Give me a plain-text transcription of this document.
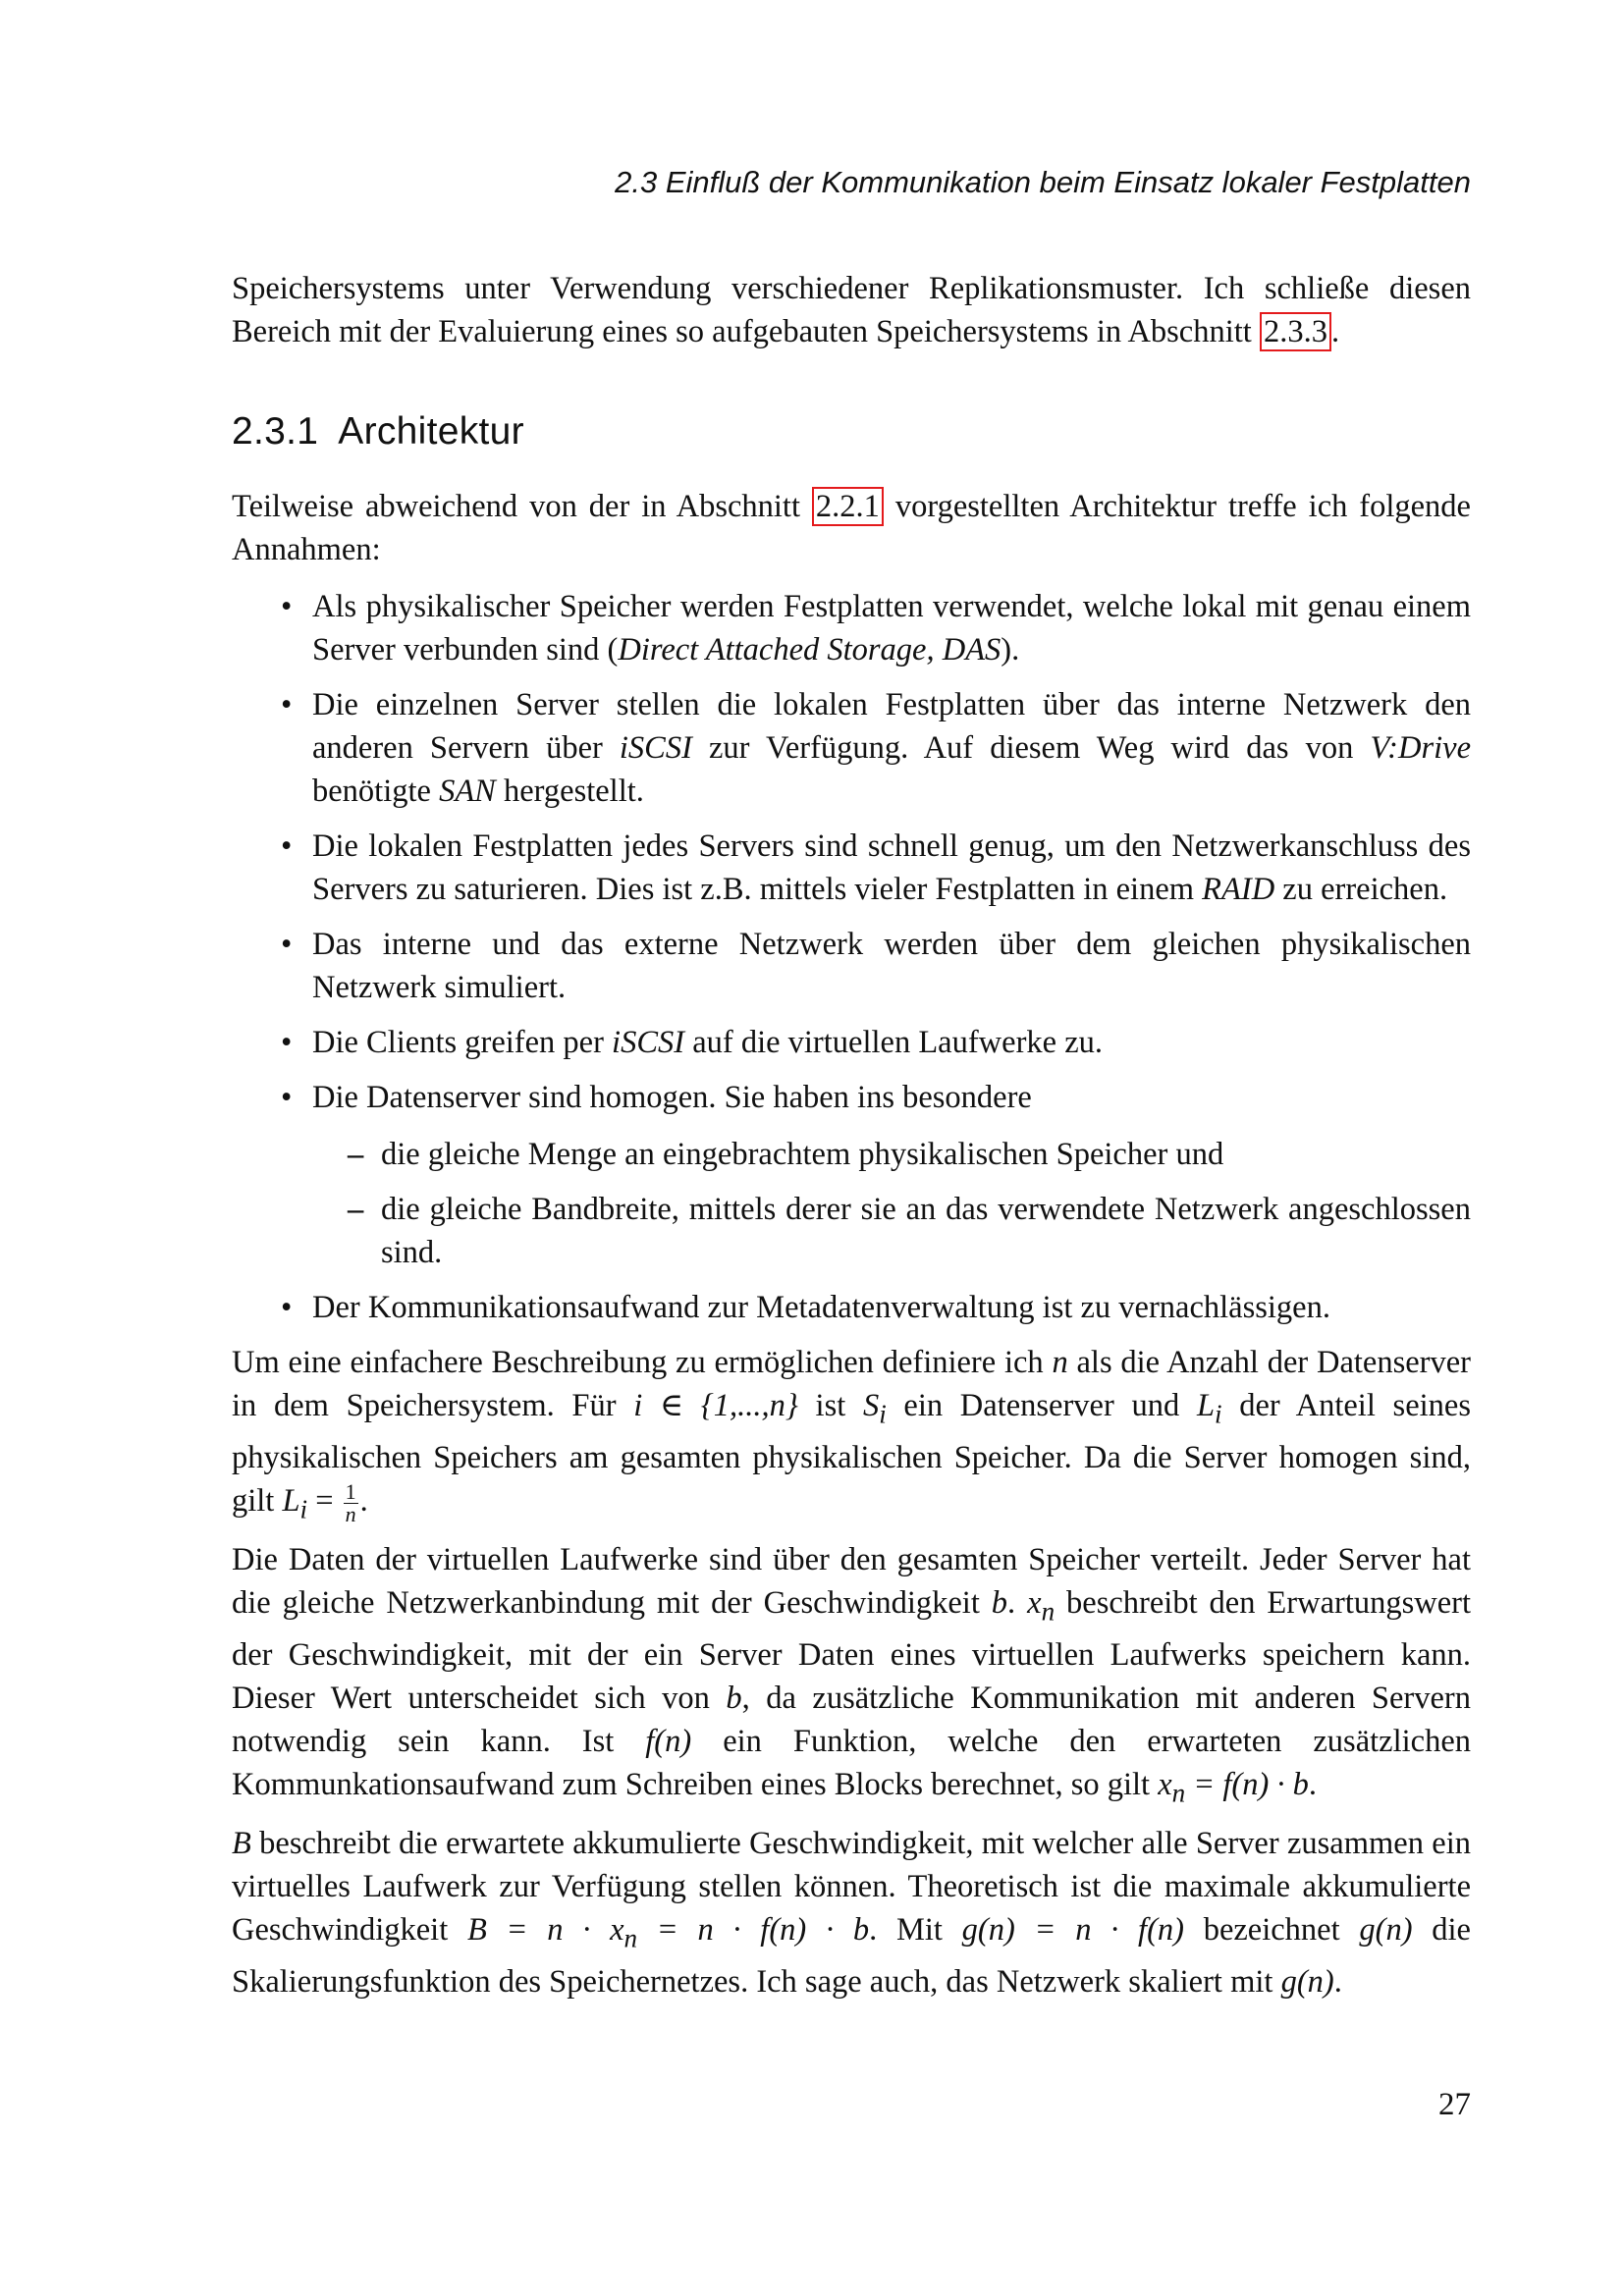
2.3 Einfluß der Kommunikation beim Einsatz lokaler Festplatten

Speichersystems unter Verwendung verschiedener Replikationsmuster. Ich schließe diesen Bereich mit der Evaluierung eines so aufgebauten Speichersystems in Abschnitt 2.3.3 .

2.3.1 Architektur

Teilweise abweichend von der in Abschnitt 2.2.1 vorgestellten Architektur treffe ich folgende Annahmen:

• Als physikalischer Speicher werden Festplatten verwendet, welche lokal mit genau einem Server verbunden sind (Direct Attached Storage, DAS).
• Die einzelnen Server stellen die lokalen Festplatten über das interne Netzwerk den anderen Servern über iSCSI zur Verfügung. Auf diesem Weg wird das von V:Drive benötigte SAN hergestellt.
• Die lokalen Festplatten jedes Servers sind schnell genug, um den Netzwerkanschluss des Servers zu saturieren. Dies ist z.B. mittels vieler Festplatten in einem RAID zu erreichen.
• Das interne und das externe Netzwerk werden über dem gleichen physikalischen Netzwerk simuliert.
• Die Clients greifen per iSCSI auf die virtuellen Laufwerke zu.
• Die Datenserver sind homogen. Sie haben ins besondere
– die gleiche Menge an eingebrachtem physikalischen Speicher und
– die gleiche Bandbreite, mittels derer sie an das verwendete Netzwerk angeschlossen sind.
• Der Kommunikationsaufwand zur Metadatenverwaltung ist zu vernachlässigen.

Um eine einfachere Beschreibung zu ermöglichen definiere ich n als die Anzahl der Datenserver in dem Speichersystem. Für i ∈ {1,...,n} ist $S_i$ ein Datenserver und $L_i$ der Anteil seines physikalischen Speichers am gesamten physikalischen Speicher. Da die Server homogen sind, gilt $L_i = \frac{1}{n}$ .

Die Daten der virtuellen Laufwerke sind über den gesamten Speicher verteilt. Jeder Server hat die gleiche Netzwerkanbindung mit der Geschwindigkeit b. $x_n$ beschreibt den Erwartungswert der Geschwindigkeit, mit der ein Server Daten eines virtuellen Laufwerks speichern kann. Dieser Wert unterscheidet sich von b, da zusätzliche Kommunikation mit anderen Servern notwendig sein kann. Ist f(n) ein Funktion, welche den erwarteten zusätzlichen Kommunkationsaufwand zum Schreiben eines Blocks berechnet, so gilt $x_n = f(n) \cdot b$.

B beschreibt die erwartete akkumulierte Geschwindigkeit, mit welcher alle Server zusammen ein virtuelles Laufwerk zur Verfügung stellen können. Theoretisch ist die maximale akkumulierte Geschwindigkeit $B = n \cdot x_n = n \cdot f(n) \cdot b$. Mit g(n) = n · f(n) bezeichnet g(n) die Skalierungsfunktion des Speichernetzes. Ich sage auch, das Netzwerk skaliert mit g(n).

27
